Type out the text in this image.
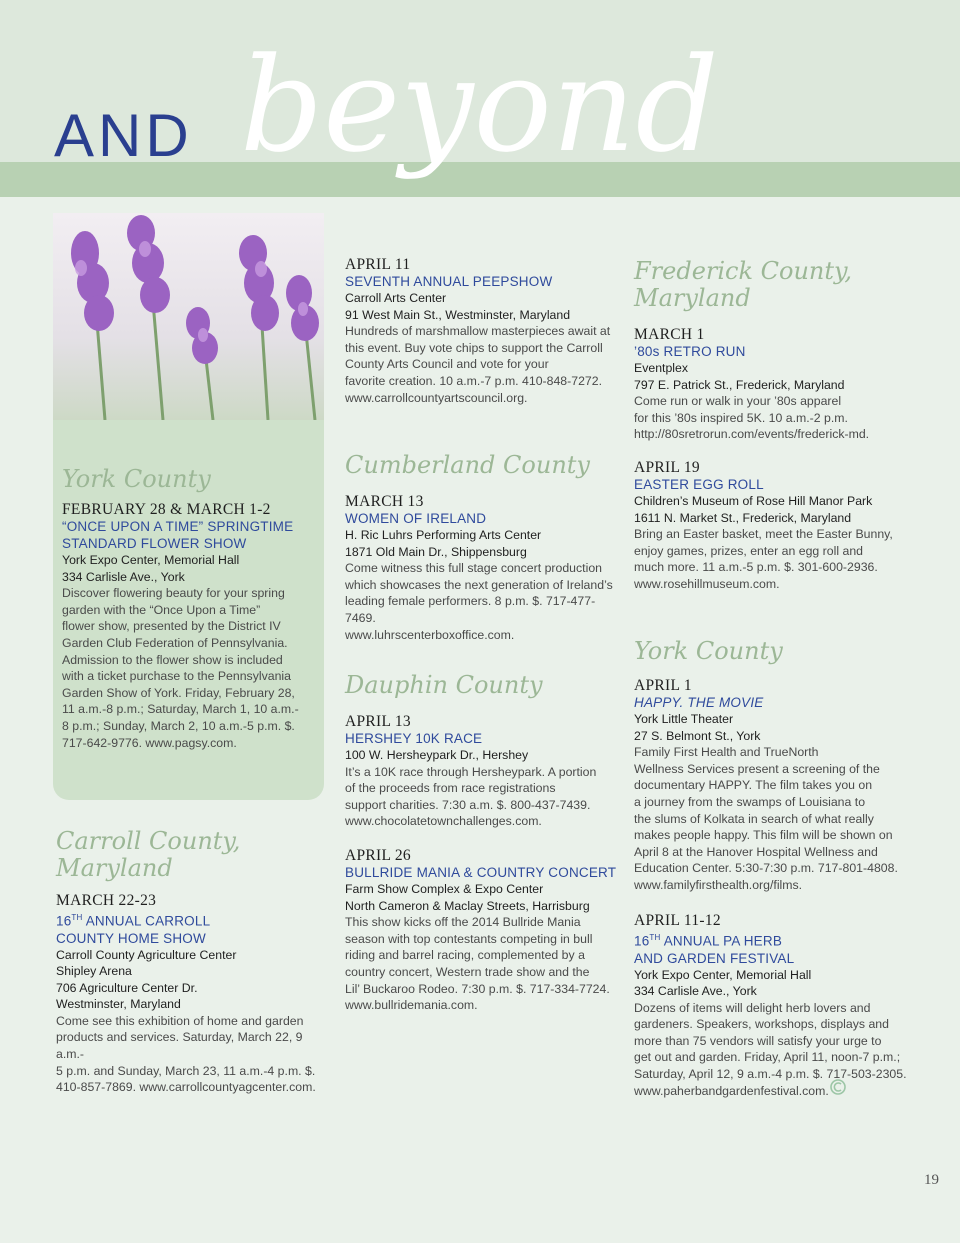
AND beyond
York County
FEBRUARY 28 & MARCH 1-2
“ONCE UPON A TIME” SPRINGTIME
STANDARD FLOWER SHOW
York Expo Center, Memorial Hall
334 Carlisle Ave., York
Discover flowering beauty for your spring
garden with the “Once Upon a Time”
flower show, presented by the District IV
Garden Club Federation of Pennsylvania.
Admission to the flower show is included
with a ticket purchase to the Pennsylvania
Garden Show of York. Friday, February 28,
11 a.m.-8 p.m.; Saturday, March 1, 10 a.m.-
8 p.m.; Sunday, March 2, 10 a.m.-5 p.m. $.
717-642-9776. www.pagsy.com.
Carroll County,
Maryland
MARCH 22-23
16TH ANNUAL CARROLL
COUNTY HOME SHOW
Carroll County Agriculture Center
Shipley Arena
706 Agriculture Center Dr.
Westminster, Maryland
Come see this exhibition of home and garden
products and services. Saturday, March 22, 9 a.m.-
5 p.m. and Sunday, March 23, 11 a.m.-4 p.m. $.
410-857-7869. www.carrollcountyagcenter.com.
APRIL 11
SEVENTH ANNUAL PEEPSHOW
Carroll Arts Center
91 West Main St., Westminster, Maryland
Hundreds of marshmallow masterpieces await at
this event. Buy vote chips to support the Carroll
County Arts Council and vote for your
favorite creation. 10 a.m.-7 p.m. 410-848-7272.
www.carrollcountyartscouncil.org.
Cumberland County
MARCH 13
WOMEN OF IRELAND
H. Ric Luhrs Performing Arts Center
1871 Old Main Dr., Shippensburg
Come witness this full stage concert production
which showcases the next generation of Ireland’s
leading female performers. 8 p.m. $. 717-477-7469.
www.luhrscenterboxoffice.com.
Dauphin County
APRIL 13
HERSHEY 10K RACE
100 W. Hersheypark Dr., Hershey
It’s a 10K race through Hersheypark. A portion
of the proceeds from race registrations
support charities. 7:30 a.m. $. 800-437-7439.
www.chocolatetownchallenges.com.
APRIL 26
BULLRIDE MANIA & COUNTRY CONCERT
Farm Show Complex & Expo Center
North Cameron & Maclay Streets, Harrisburg
This show kicks off the 2014 Bullride Mania
season with top contestants competing in bull
riding and barrel racing, complemented by a
country concert, Western trade show and the
Lil’ Buckaroo Rodeo. 7:30 p.m. $. 717-334-7724.
www.bullridemania.com.
Frederick County,
Maryland
MARCH 1
’80s RETRO RUN
Eventplex
797 E. Patrick St., Frederick, Maryland
Come run or walk in your ’80s apparel
for this ’80s inspired 5K. 10 a.m.-2 p.m.
http://80sretrorun.com/events/frederick-md.
APRIL 19
EASTER EGG ROLL
Children’s Museum of Rose Hill Manor Park
1611 N. Market St., Frederick, Maryland
Bring an Easter basket, meet the Easter Bunny,
enjoy games, prizes, enter an egg roll and
much more. 11 a.m.-5 p.m. $. 301-600-2936.
www.rosehillmuseum.com.
York County
APRIL 1
HAPPY. THE MOVIE
York Little Theater
27 S. Belmont St., York
Family First Health and TrueNorth
Wellness Services present a screening of the
documentary HAPPY. The film takes you on
a journey from the swamps of Louisiana to
the slums of Kolkata in search of what really
makes people happy. This film will be shown on
April 8 at the Hanover Hospital Wellness and
Education Center. 5:30-7:30 p.m. 717-801-4808.
www.familyfirsthealth.org/films.
APRIL 11-12
16TH ANNUAL PA HERB
AND GARDEN FESTIVAL
York Expo Center, Memorial Hall
334 Carlisle Ave., York
Dozens of items will delight herb lovers and
gardeners. Speakers, workshops, displays and
more than 75 vendors will satisfy your urge to
get out and garden. Friday, April 11, noon-7 p.m.;
Saturday, April 12, 9 a.m.-4 p.m. $. 717-503-2305.
www.paherbandgardenfestival.com.
19
